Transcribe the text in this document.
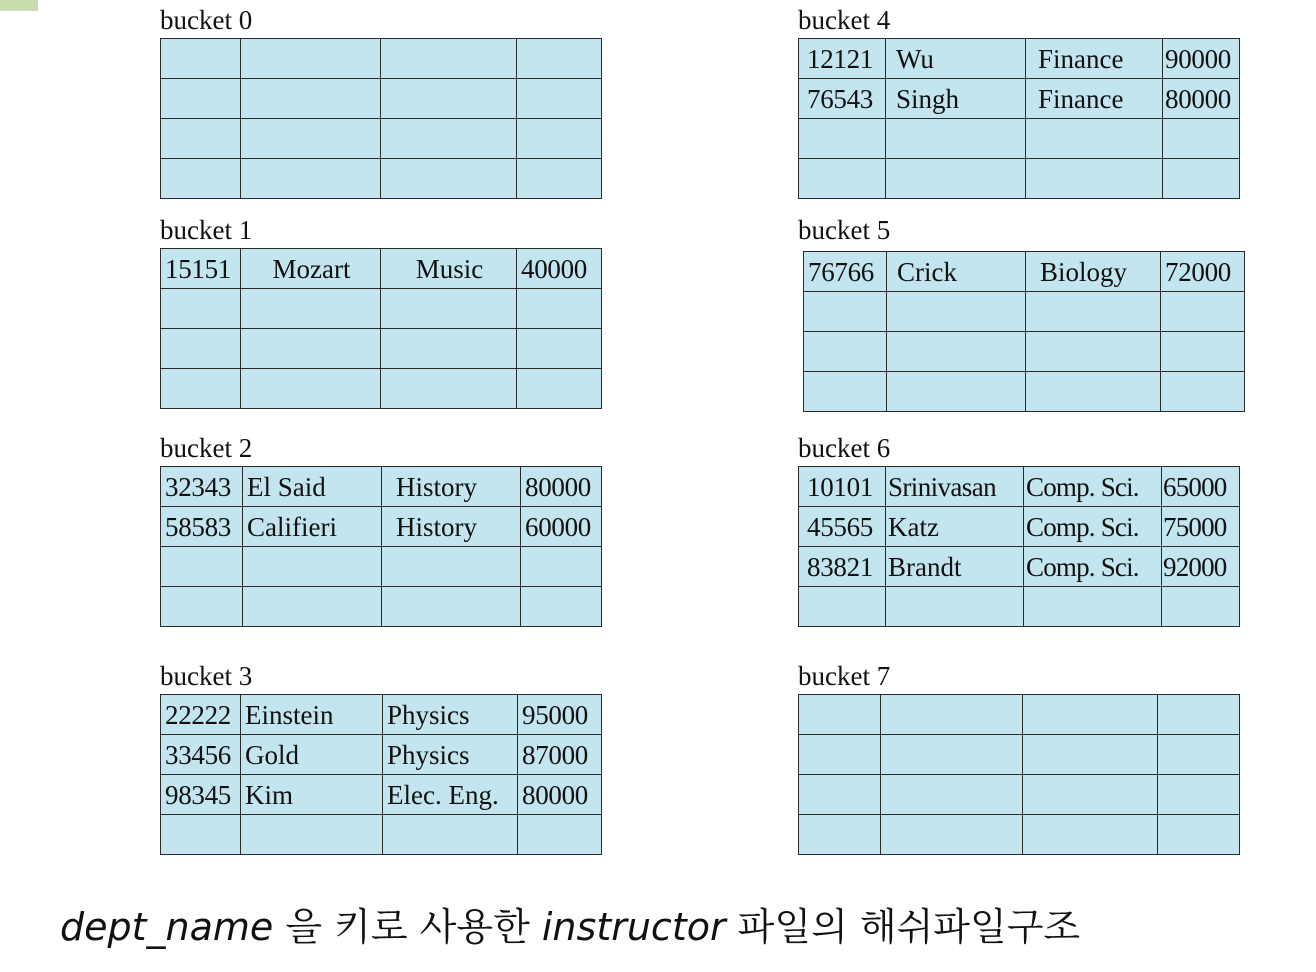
bucket 0

bucket 1
15151	Mozart	Music	40000

bucket 2
32343	El Said	History	80000
58583	Califieri	History	60000

bucket 3
22222	Einstein	Physics	95000
33456	Gold	Physics	87000
98345	Kim	Elec. Eng.	80000

bucket 4
12121	Wu	Finance	90000
76543	Singh	Finance	80000

bucket 5
76766	Crick	Biology	72000

bucket 6
10101	Srinivasan	Comp. Sci.	65000
45565	Katz	Comp. Sci.	75000
83821	Brandt	Comp. Sci.	92000

bucket 7

dept_name 을 키로 사용한 instructor 파일의 해쉬파일구조
